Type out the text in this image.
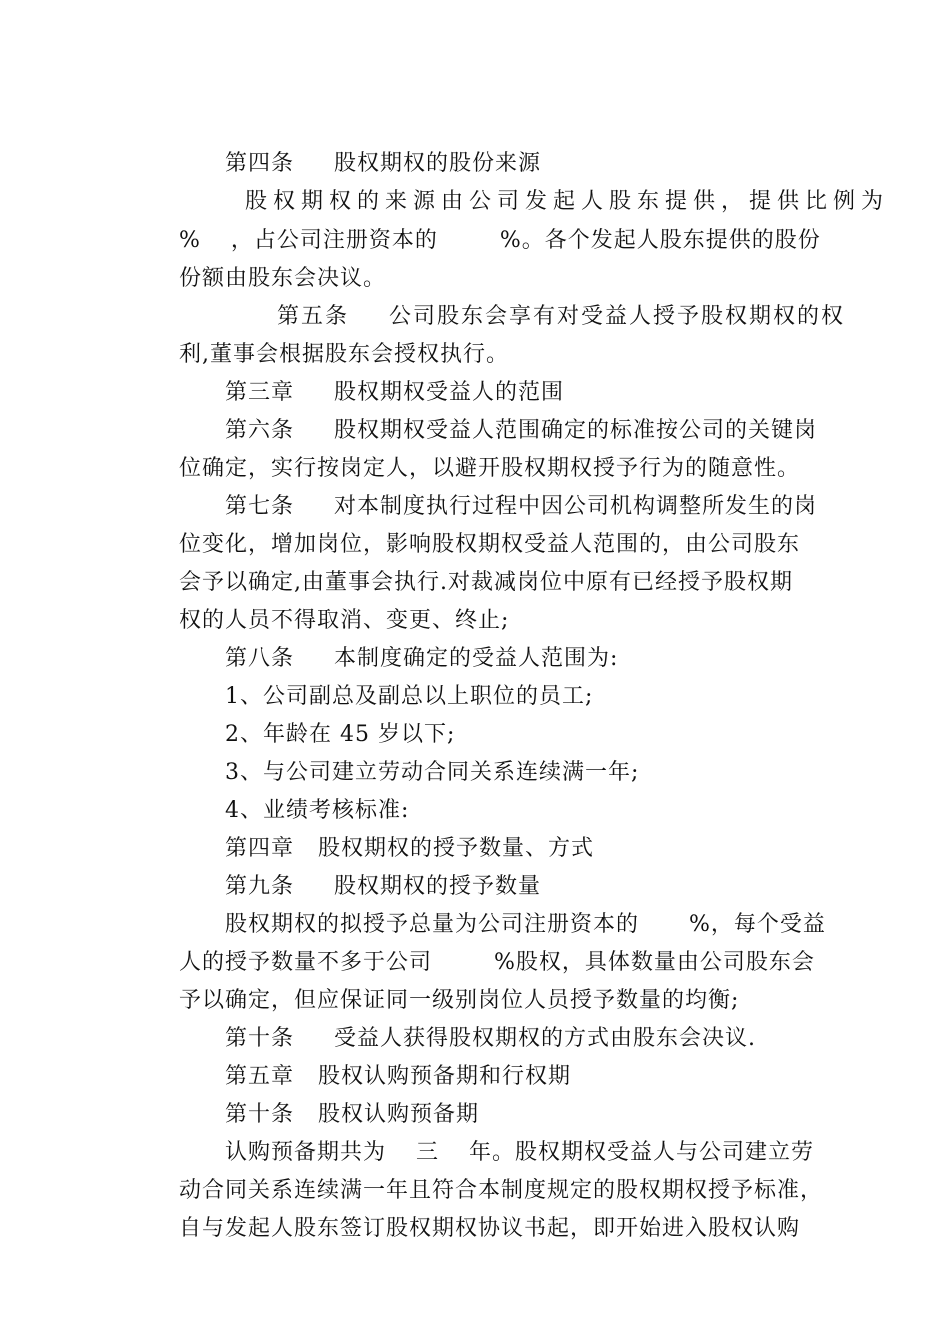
第四条 股权期权的股份来源

股权期权的来源由公司发起人股东提供，提供比例为

% ，占公司注册资本的	%。各个发起人股东提供的股份

份额由股东会决议。

第五条 公司股东会享有对受益人授予股权期权的权

利,董事会根据股东会授权执行。

第三章 股权期权受益人的范围

第六条 股权期权受益人范围确定的标准按公司的关键岗

位确定，实行按岗定人，以避开股权期权授予行为的随意性。

第七条 对本制度执行过程中因公司机构调整所发生的岗

位变化，增加岗位，影响股权期权受益人范围的，由公司股东

会予以确定,由董事会执行.对裁减岗位中原有已经授予股权期

权的人员不得取消、变更、终止;

第八条 本制度确定的受益人范围为:

1、公司副总及副总以上职位的员工;

2、年龄在 45 岁以下;

3、与公司建立劳动合同关系连续满一年;

4、业绩考核标准:

第四章 股权期权的授予数量、方式

第九条 股权期权的授予数量

股权期权的拟授予总量为公司注册资本的 %，每个受益

人的授予数量不多于公司	%股权，具体数量由公司股东会

予以确定，但应保证同一级别岗位人员授予数量的均衡;

第十条 受益人获得股权期权的方式由股东会决议.

第五章 股权认购预备期和行权期

第十条 股权认购预备期

认购预备期共为 三 年。股权期权受益人与公司建立劳

动合同关系连续满一年且符合本制度规定的股权期权授予标准，

自与发起人股东签订股权期权协议书起，即开始进入股权认购
